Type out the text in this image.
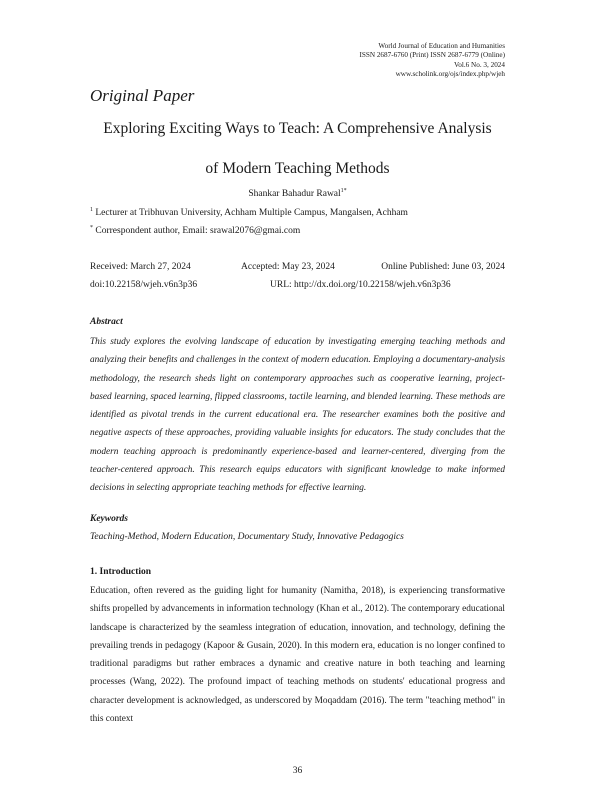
World Journal of Education and Humanities
ISSN 2687-6760 (Print) ISSN 2687-6779 (Online)
Vol.6 No. 3, 2024
www.scholink.org/ojs/index.php/wjeh
Original Paper
Exploring Exciting Ways to Teach: A Comprehensive Analysis
of Modern Teaching Methods
Shankar Bahadur Rawal$^{1*}$
$^1$ Lecturer at Tribhuvan University, Achham Multiple Campus, Mangalsen, Achham
* Correspondent author, Email: srawal2076@gmai.com
Received: March 27, 2024	Accepted: May 23, 2024	Online Published: June 03, 2024
doi:10.22158/wjeh.v6n3p36	URL: http://dx.doi.org/10.22158/wjeh.v6n3p36
Abstract
This study explores the evolving landscape of education by investigating emerging teaching methods and analyzing their benefits and challenges in the context of modern education. Employing a documentary-analysis methodology, the research sheds light on contemporary approaches such as cooperative learning, project-based learning, spaced learning, flipped classrooms, tactile learning, and blended learning. These methods are identified as pivotal trends in the current educational era. The researcher examines both the positive and negative aspects of these approaches, providing valuable insights for educators. The study concludes that the modern teaching approach is predominantly experience-based and learner-centered, diverging from the teacher-centered approach. This research equips educators with significant knowledge to make informed decisions in selecting appropriate teaching methods for effective learning.
Keywords
Teaching-Method, Modern Education, Documentary Study, Innovative Pedagogics
1. Introduction
Education, often revered as the guiding light for humanity (Namitha, 2018), is experiencing transformative shifts propelled by advancements in information technology (Khan et al., 2012). The contemporary educational landscape is characterized by the seamless integration of education, innovation, and technology, defining the prevailing trends in pedagogy (Kapoor & Gusain, 2020). In this modern era, education is no longer confined to traditional paradigms but rather embraces a dynamic and creative nature in both teaching and learning processes (Wang, 2022). The profound impact of teaching methods on students' educational progress and character development is acknowledged, as underscored by Moqaddam (2016). The term "teaching method" in this context
36
